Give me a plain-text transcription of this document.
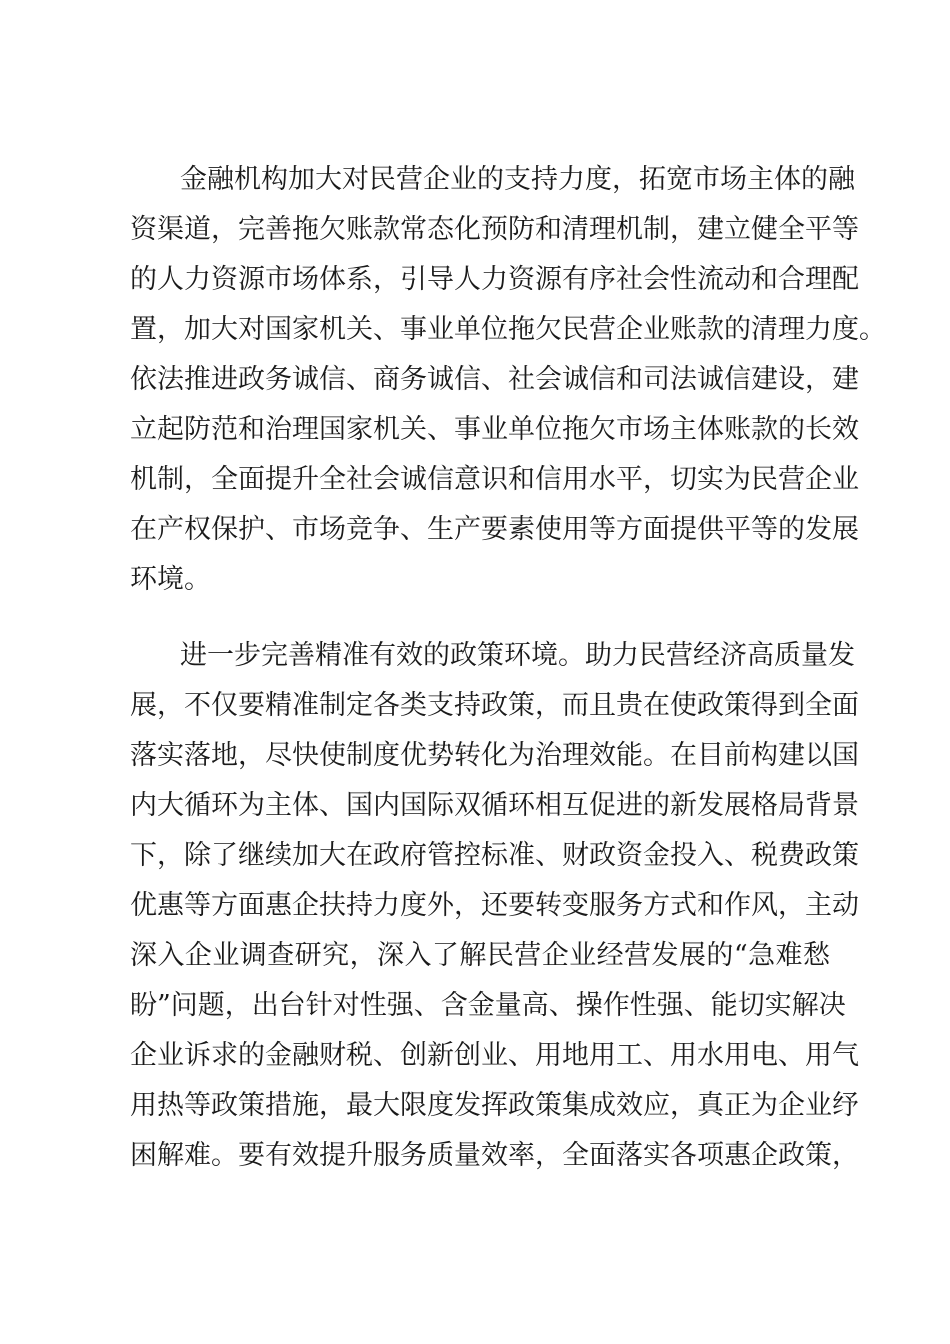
金融机构加大对民营企业的支持力度，拓宽市场主体的融
资渠道，完善拖欠账款常态化预防和清理机制，建立健全平等
的人力资源市场体系，引导人力资源有序社会性流动和合理配
置，加大对国家机关、事业单位拖欠民营企业账款的清理力度。
依法推进政务诚信、商务诚信、社会诚信和司法诚信建设，建
立起防范和治理国家机关、事业单位拖欠市场主体账款的长效
机制，全面提升全社会诚信意识和信用水平，切实为民营企业
在产权保护、市场竞争、生产要素使用等方面提供平等的发展
环境。
进一步完善精准有效的政策环境。助力民营经济高质量发
展，不仅要精准制定各类支持政策，而且贵在使政策得到全面
落实落地，尽快使制度优势转化为治理效能。在目前构建以国
内大循环为主体、国内国际双循环相互促进的新发展格局背景
下，除了继续加大在政府管控标准、财政资金投入、税费政策
优惠等方面惠企扶持力度外，还要转变服务方式和作风，主动
深入企业调查研究，深入了解民营企业经营发展的“急难愁
盼”问题，出台针对性强、含金量高、操作性强、能切实解决
企业诉求的金融财税、创新创业、用地用工、用水用电、用气
用热等政策措施，最大限度发挥政策集成效应，真正为企业纾
困解难。要有效提升服务质量效率，全面落实各项惠企政策，
